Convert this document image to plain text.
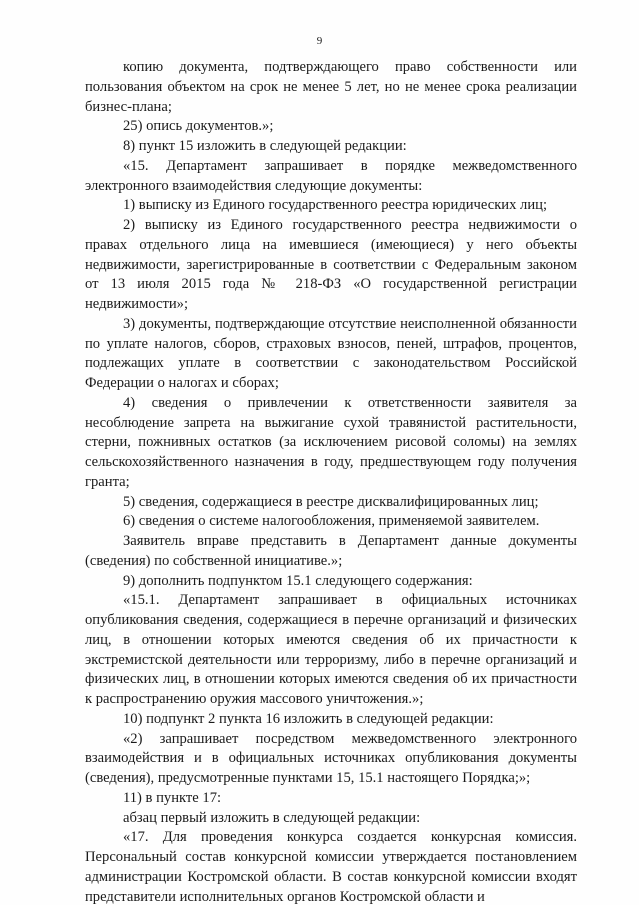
9

копию документа, подтверждающего право собственности или пользования объектом на срок не менее 5 лет, но не менее срока реализации бизнес-плана;

25) опись документов.»;

8) пункт 15 изложить в следующей редакции:

«15. Департамент запрашивает в порядке межведомственного электронного взаимодействия следующие документы:

1) выписку из Единого государственного реестра юридических лиц;

2) выписку из Единого государственного реестра недвижимости о правах отдельного лица на имевшиеся (имеющиеся) у него объекты недвижимости, зарегистрированные в соответствии с Федеральным законом от 13 июля 2015 года № 218-ФЗ «О государственной регистрации недвижимости»;

3) документы, подтверждающие отсутствие неисполненной обязанности по уплате налогов, сборов, страховых взносов, пеней, штрафов, процентов, подлежащих уплате в соответствии с законодательством Российской Федерации о налогах и сборах;

4) сведения о привлечении к ответственности заявителя за несоблюдение запрета на выжигание сухой травянистой растительности, стерни, пожнивных остатков (за исключением рисовой соломы) на землях сельскохозяйственного назначения в году, предшествующем году получения гранта;

5) сведения, содержащиеся в реестре дисквалифицированных лиц;

6) сведения о системе налогообложения, применяемой заявителем.

Заявитель вправе представить в Департамент данные документы (сведения) по собственной инициативе.»;

9) дополнить подпунктом 15.1 следующего содержания:

«15.1. Департамент запрашивает в официальных источниках опубликования сведения, содержащиеся в перечне организаций и физических лиц, в отношении которых имеются сведения об их причастности к экстремистской деятельности или терроризму, либо в перечне организаций и физических лиц, в отношении которых имеются сведения об их причастности к распространению оружия массового уничтожения.»;

10) подпункт 2 пункта 16 изложить в следующей редакции:

«2) запрашивает посредством межведомственного электронного взаимодействия и в официальных источниках опубликования документы (сведения), предусмотренные пунктами 15, 15.1 настоящего Порядка;»;

11) в пункте 17:

абзац первый изложить в следующей редакции:

«17. Для проведения конкурса создается конкурсная комиссия. Персональный состав конкурсной комиссии утверждается постановлением администрации Костромской области. В состав конкурсной комиссии входят представители исполнительных органов Костромской области и
